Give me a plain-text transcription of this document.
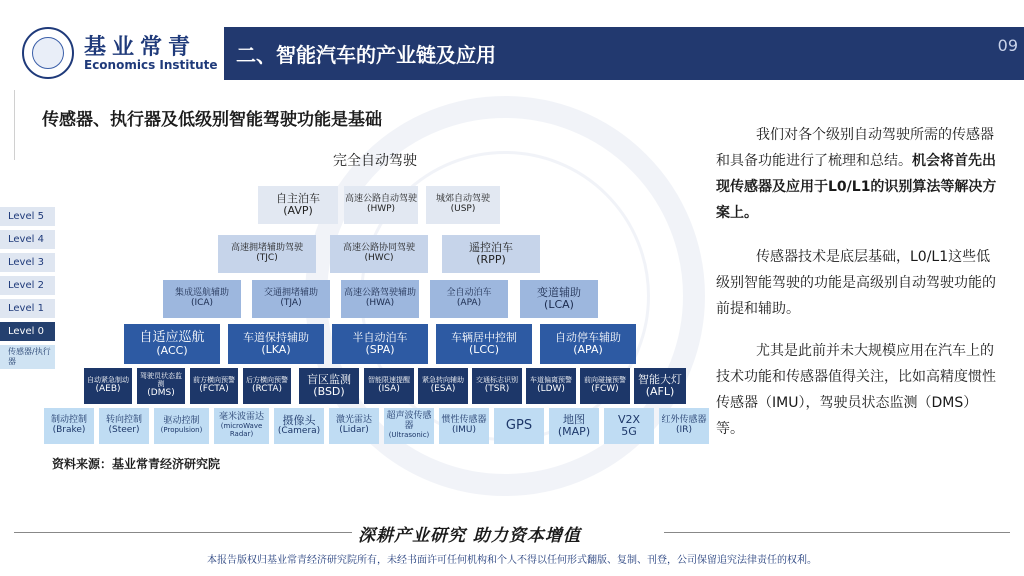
基业常青
Economics Institute 二、智能汽车的产业链及应用	09
传感器、执行器及低级别智能驾驶功能是基础
完全自动驾驶
Level 5
Level 4
Level 3
Level 2
Level 1
Level 0
传感器/执行器
自主泊车
(AVP)
高速公路自动驾驶
(HWP)
城郊自动驾驶
(USP)
高速拥堵辅助驾驶
(TJC)
高速公路协同驾驶
(HWC)
遥控泊车
(RPP)
集成巡航辅助
(ICA)
交通拥堵辅助
(TJA)
高速公路驾驶辅助
(HWA)
全自动泊车
(APA)
变道辅助
(LCA)
自适应巡航
(ACC)
车道保持辅助
(LKA)
半自动泊车
(SPA)
车辆居中控制
(LCC)
自动停车辅助
(APA)
自动紧急制动
(AEB)
驾驶员状态监测
(DMS)
前方横向预警
(FCTA)
后方横向预警
(RCTA)
盲区监测
(BSD)
智能限速提醒
(ISA)
紧急转向辅助
(ESA)
交通标志识别
(TSR)
车道偏离预警
(LDW)
前向碰撞预警
(FCW)
智能大灯
(AFL)
制动控制
(Brake)
转向控制
(Steer)
驱动控制
(Propulsion)
毫米波雷达
(microWave Radar)
摄像头
(Camera)
激光雷达
(Lidar)
超声波传感器
(Ultrasonic)
惯性传感器
(IMU) GPS	地图
(MAP)
V2X
5G
红外传感器
(IR)
资料来源：基业常青经济研究院
我们对各个级别自动驾驶所需的传感器和具备功能进行了梳理和总结。机会将首先出现传感器及应用于L0/L1的识别算法等解决方案上。
传感器技术是底层基础，L0/L1这些低级别智能驾驶的功能是高级别自动驾驶功能的前提和辅助。
尤其是此前并未大规模应用在汽车上的技术功能和传感器值得关注，比如高精度惯性传感器（IMU），驾驶员状态监测（DMS）等。
深耕产业研究 助力资本增值
本报告版权归基业常青经济研究院所有，未经书面许可任何机构和个人不得以任何形式翻版、复制、刊登，公司保留追究法律责任的权利。
